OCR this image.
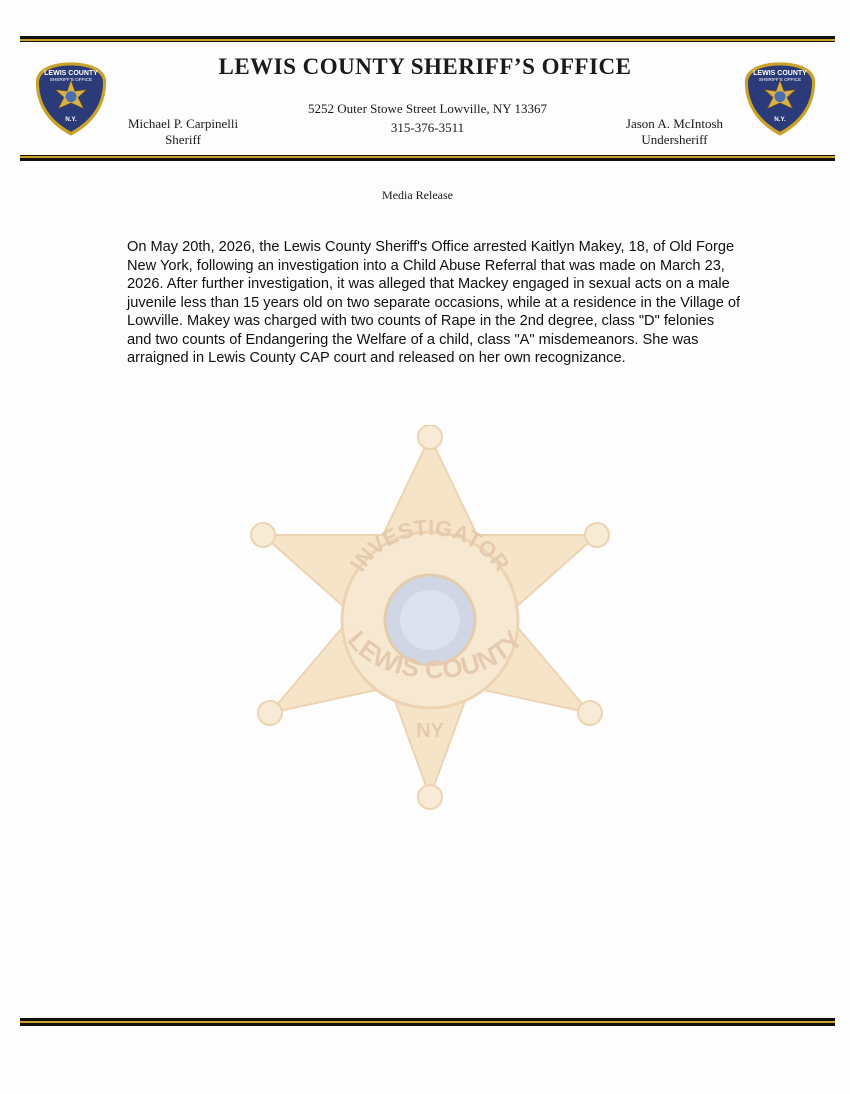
LEWIS COUNTY
SHERIFF'S OFFICE
N.Y.
LEWIS COUNTY
SHERIFF'S OFFICE
N.Y.
LEWIS COUNTY SHERIFF’S OFFICE
5252 Outer Stowe Street Lowville, NY 13367
315-376-3511
Michael P. Carpinelli
Sheriff
Jason A. McIntosh
Undersheriff
Media Release

On May 20th, 2026, the Lewis County Sheriff's Office arrested Kaitlyn Makey, 18, of Old Forge New York, following an investigation into a Child Abuse Referral that was made on March 23, 2026. After further investigation, it was alleged that Mackey engaged in sexual acts on a male juvenile less than 15 years old on two separate occasions, while at a residence in the Village of Lowville. Makey was charged with two counts of Rape in the 2nd degree, class "D" felonies and two counts of Endangering the Welfare of a child, class "A" misdemeanors. She was arraigned in Lewis County CAP court and released on her own recognizance.

INVESTIGATOR
LEWIS COUNTY
NY
